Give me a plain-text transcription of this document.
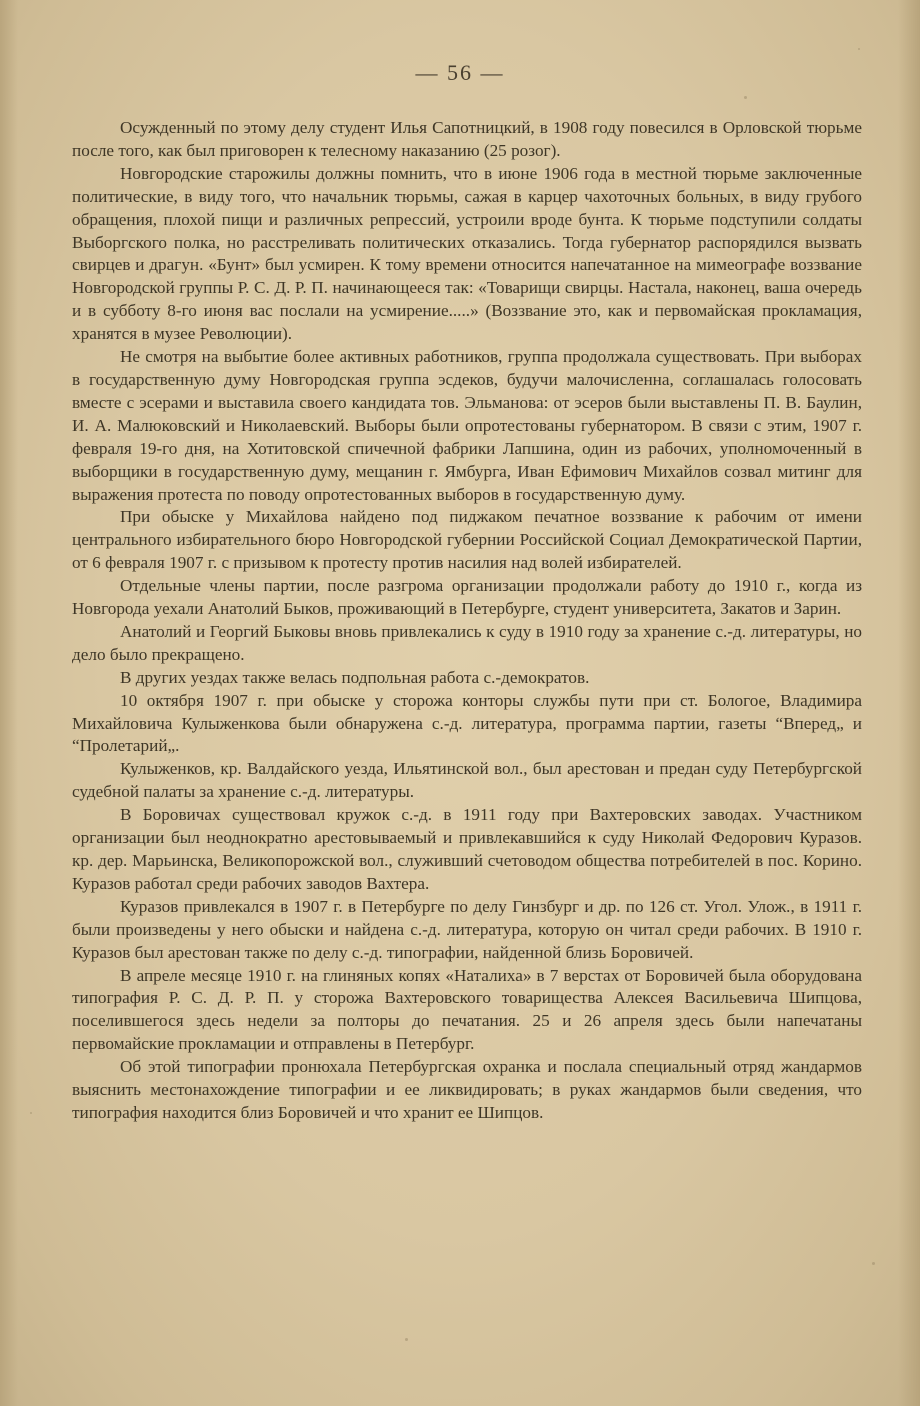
— 56 —

Осужденный по этому делу студент Илья Сапотницкий, в 1908 году повесился в Орловской тюрьме после того, как был приговорен к телесному наказанию (25 розог).

Новгородские старожилы должны помнить, что в июне 1906 года в местной тюрьме заключенные политические, в виду того, что начальник тюрьмы, сажая в карцер чахоточных больных, в виду грубого обращения, плохой пищи и различных репрессий, устроили вроде бунта. К тюрьме подступили солдаты Выборгского полка, но расстреливать политических отказались. Тогда губернатор распорядился вызвать свирцев и драгун. «Бунт» был усмирен. К тому времени относится напечатанное на мимеографе воззвание Новгородской группы Р. С. Д. Р. П. начинающееся так: «Товарищи свирцы. Настала, наконец, ваша очередь и в субботу 8-го июня вас послали на усмирение.....» (Воззвание это, как и первомайская прокламация, хранятся в музее Революции).

Не смотря на выбытие более активных работников, группа продолжала существовать. При выборах в государственную думу Новгородская группа эсдеков, будучи малочисленна, соглашалась голосовать вместе с эсерами и выставила своего кандидата тов. Эльманова: от эсеров были выставлены П. В. Баулин, И. А. Малюковский и Николаевский. Выборы были опротестованы губернатором. В связи с этим, 1907 г. февраля 19-го дня, на Хотитовской спичечной фабрики Лапшина, один из рабочих, уполномоченный в выборщики в государственную думу, мещанин г. Ямбурга, Иван Ефимович Михайлов созвал митинг для выражения протеста по поводу опротестованных выборов в государственную думу.

При обыске у Михайлова найдено под пиджаком печатное воззвание к рабочим от имени центрального избирательного бюро Новгородской губернии Российской Социал Демократической Партии, от 6 февраля 1907 г. с призывом к протесту против насилия над волей избирателей.

Отдельные члены партии, после разгрома организации продолжали работу до 1910 г., когда из Новгорода уехали Анатолий Быков, проживающий в Петербурге, студент университета, Закатов и Зарин.

Анатолий и Георгий Быковы вновь привлекались к суду в 1910 году за хранение с.-д. литературы, но дело было прекращено.

В других уездах также велась подпольная работа с.-демократов.

10 октября 1907 г. при обыске у сторожа конторы службы пути при ст. Бологое, Владимира Михайловича Кулыженкова были обнаружена с.-д. литература, программа партии, газеты “Вперед„ и “Пролетарий„.

Кулыженков, кр. Валдайского уезда, Ильятинской вол., был арестован и предан суду Петербургской судебной палаты за хранение с.-д. литературы.

В Боровичах существовал кружок с.-д. в 1911 году при Вахтеровских заводах. Участником организации был неоднократно арестовываемый и привлекавшийся к суду Николай Федорович Куразов. кр. дер. Марьинска, Великопорожской вол., служивший счетоводом общества потребителей в пос. Корино. Куразов работал среди рабочих заводов Вахтера.

Куразов привлекался в 1907 г. в Петербурге по делу Гинзбург и др. по 126 ст. Угол. Улож., в 1911 г. были произведены у него обыски и найдена с.-д. литература, которую он читал среди рабочих. В 1910 г. Куразов был арестован также по делу с.-д. типографии, найденной близь Боровичей.

В апреле месяце 1910 г. на глиняных копях «Наталиха» в 7 верстах от Боровичей была оборудована типография Р. С. Д. Р. П. у сторожа Вахтеровского товарищества Алексея Васильевича Шипцова, поселившегося здесь недели за полторы до печатания. 25 и 26 апреля здесь были напечатаны первомайские прокламации и отправлены в Петербург.

Об этой типографии пронюхала Петербургская охранка и послала специальный отряд жандармов выяснить местонахождение типографии и ее ликвидировать; в руках жандармов были сведения, что типография находится близ Боровичей и что хранит ее Шипцов.
